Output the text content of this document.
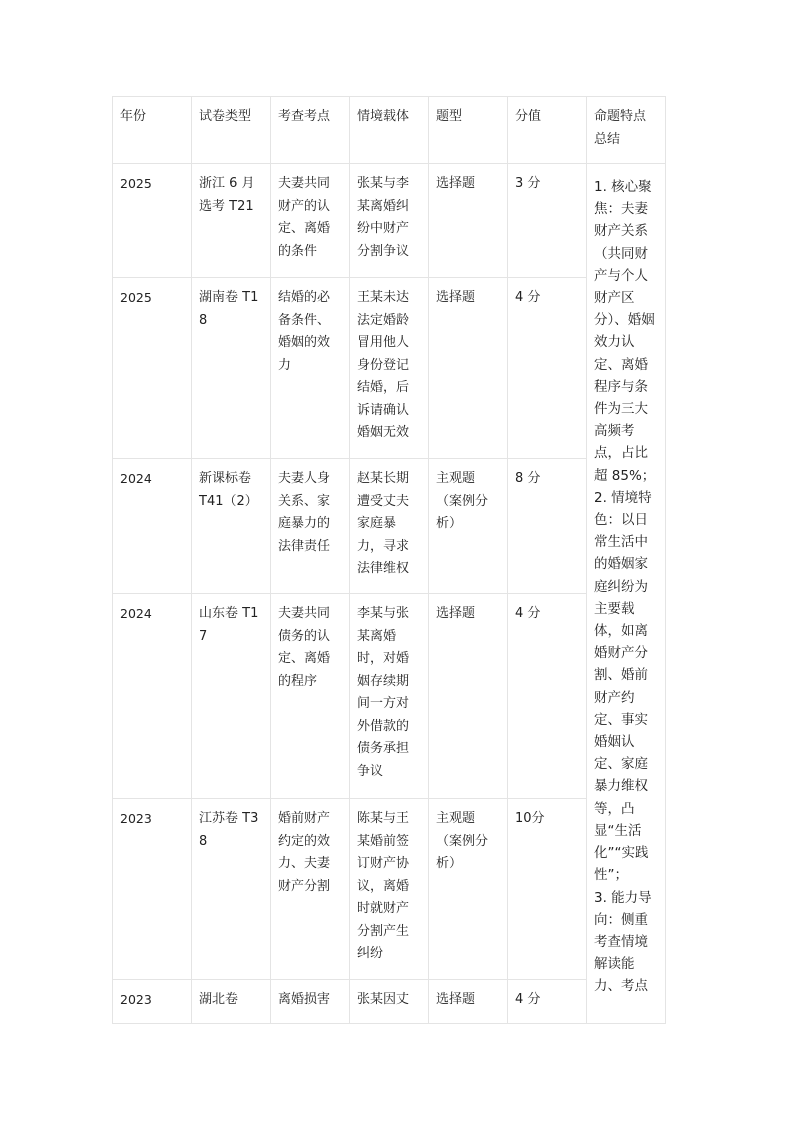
年份	试卷类型	考查考点	情境载体	题型	分值	命题特点总结
2025	浙江 6 月选考 T21	夫妻共同财产的认定、离婚的条件	张某与李某离婚纠纷中财产分割争议	选择题	3 分	1. 核心聚焦：夫妻财产关系（共同财产与个人财产区分）、婚姻效力认定、离婚程序与条件为三大高频考点，占比超 85%；
2. 情境特色：以日常生活中的婚姻家庭纠纷为主要载体，如离婚财产分割、婚前财产约定、事实婚姻认定、家庭暴力维权等，凸显“生活化”“实践性”；
3. 能力导向：侧重考查情境解读能力、考点

2025	湖南卷 T18	结婚的必备条件、婚姻的效力	王某未达法定婚龄冒用他人身份登记结婚，后诉请确认婚姻无效	选择题	4 分	
2024	新课标卷 T41（2）	夫妻人身关系、家庭暴力的法律责任	赵某长期遭受丈夫家庭暴力，寻求法律维权	主观题（案例分析）	8 分	
2024	山东卷 T17	夫妻共同债务的认定、离婚的程序	李某与张某离婚时，对婚姻存续期间一方对外借款的债务承担争议	选择题	4 分	
2023	江苏卷 T38	婚前财产约定的效力、夫妻财产分割	陈某与王某婚前签订财产协议，离婚时就财产分割产生纠纷	主观题（案例分析）	10分	
2023	湖北卷	离婚损害	张某因丈	选择题	4 分	
